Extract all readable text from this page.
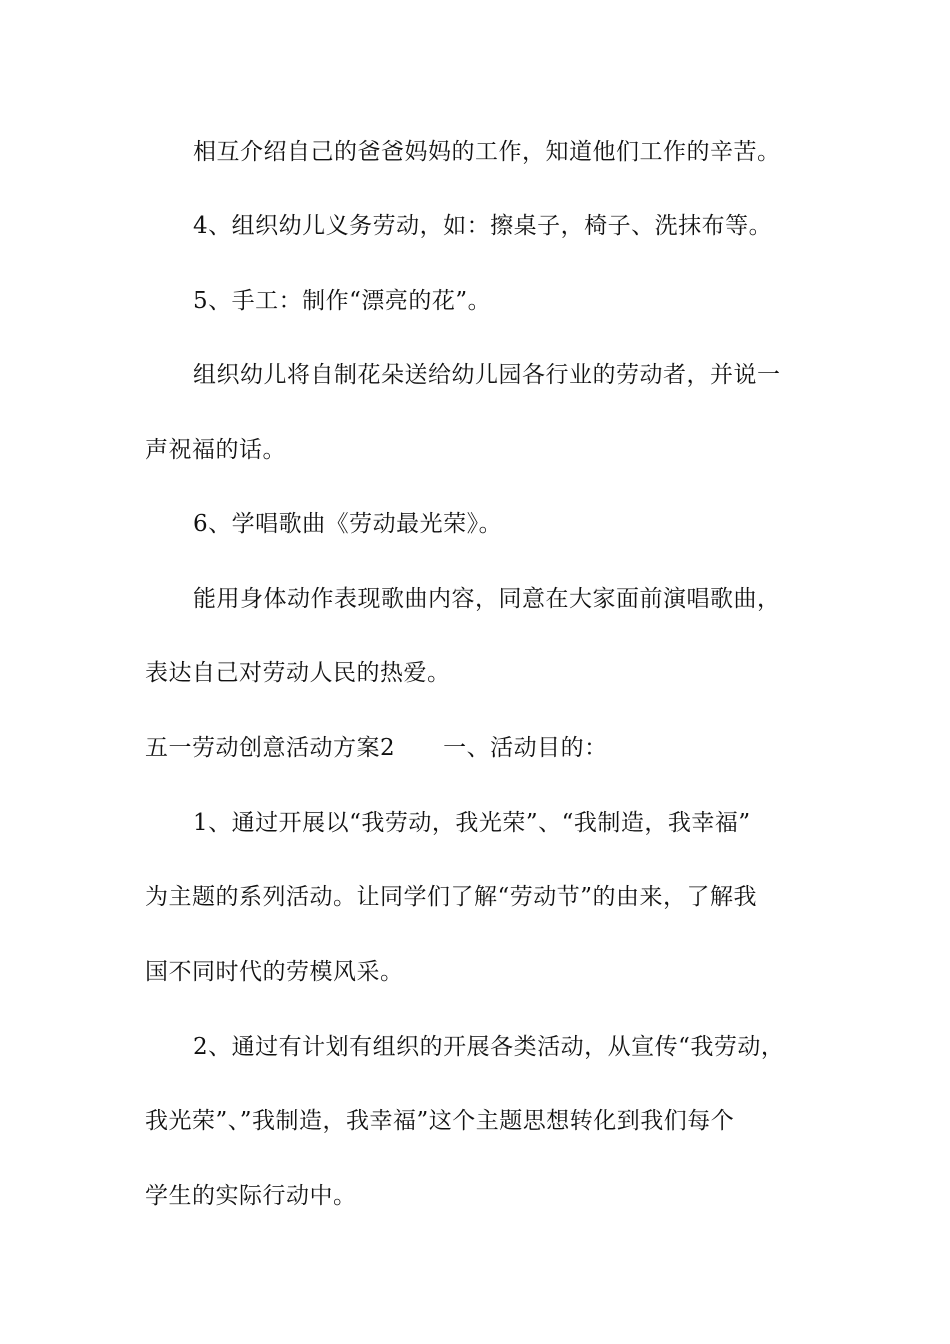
相互介绍自己的爸爸妈妈的工作，知道他们工作的辛苦。
4、组织幼儿义务劳动，如：擦桌子，椅子、洗抹布等。
5、手工：制作“漂亮的花”。
组织幼儿将自制花朵送给幼儿园各行业的劳动者，并说一
声祝福的话。
6、学唱歌曲《劳动最光荣》。
能用身体动作表现歌曲内容，同意在大家面前演唱歌曲，
表达自己对劳动人民的热爱。
五一劳动创意活动方案2 一、活动目的：
1、通过开展以“我劳动，我光荣”、“我制造，我幸福”
为主题的系列活动。让同学们了解“劳动节”的由来，了解我
国不同时代的劳模风采。
2、通过有计划有组织的开展各类活动，从宣传“我劳动，
我光荣”、”我制造，我幸福”这个主题思想转化到我们每个
学生的实际行动中。
